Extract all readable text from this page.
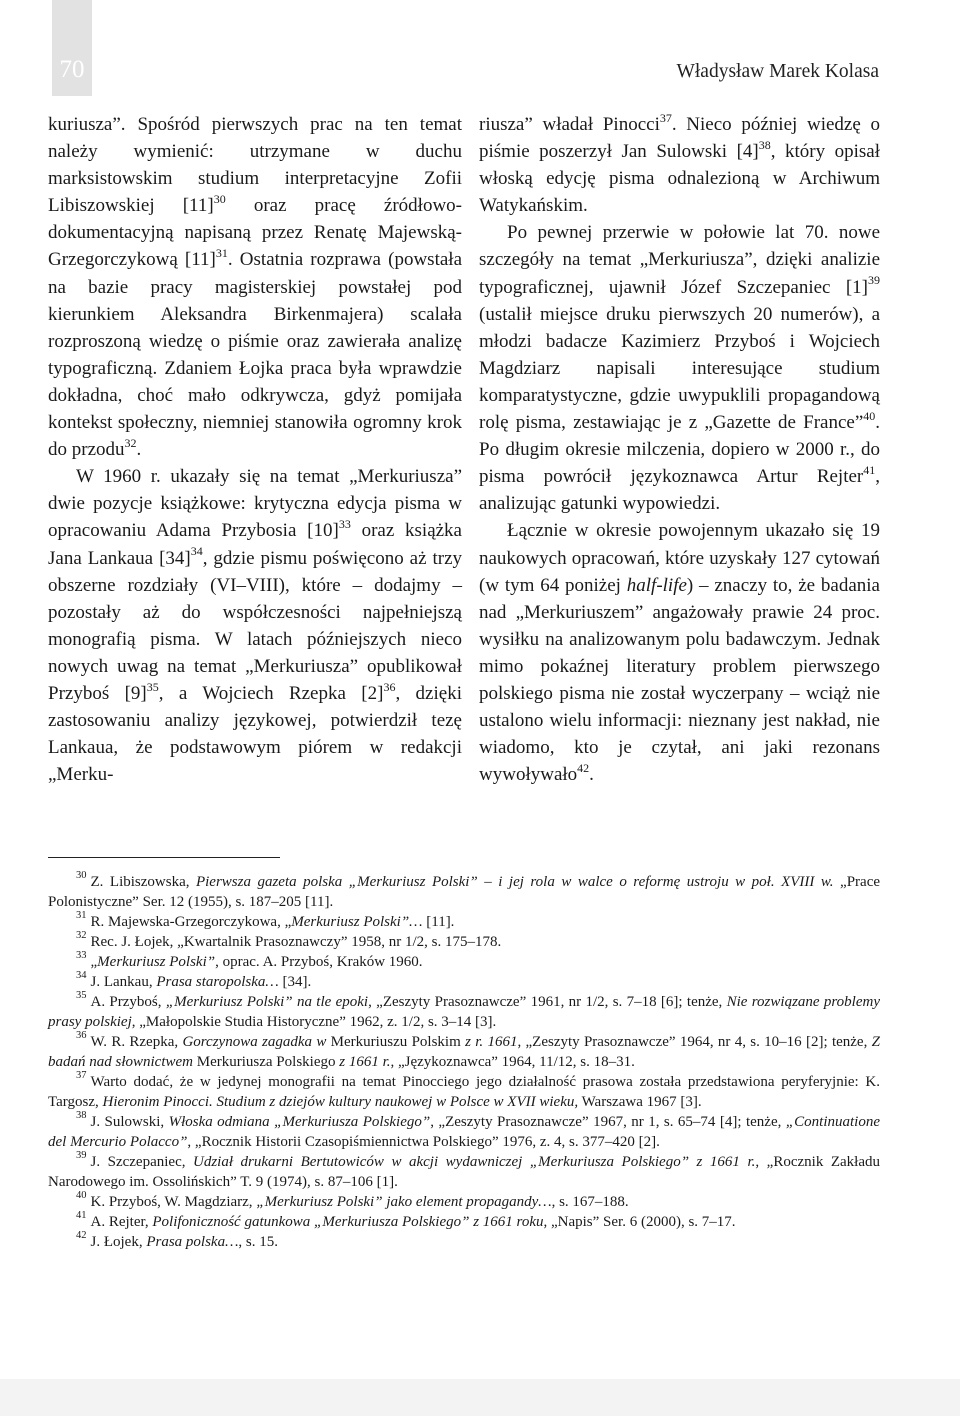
70	Władysław Marek Kolasa

kuriusza”. Spośród pierwszych prac na ten temat należy wymienić: utrzymane w duchu marksistowskim studium interpretacyjne Zofii Libiszowskiej $[11]^{30}$ oraz pracę źródłowo-dokumentacyjną napisaną przez Renatę Majewską-Grzegorczykową $[11]^{31}$. Ostatnia rozprawa (powstała na bazie pracy magisterskiej powstałej pod kierunkiem Aleksandra Birkenmajera) scalała rozproszoną wiedzę o piśmie oraz zawierała analizę typograficzną. Zdaniem Łojka praca była wprawdzie dokładna, choć mało odkrywcza, gdyż pomijała kontekst społeczny, niemniej stanowiła ogromny krok do przodu$^{32}$.

W 1960 r. ukazały się na temat „Merkuriusza” dwie pozycje książkowe: krytyczna edycja pisma w opracowaniu Adama Przybosia $[10]^{33}$ oraz książka Jana Lankaua $[34]^{34}$, gdzie pismu poświęcono aż trzy obszerne rozdziały (VI–VIII), które – dodajmy – pozostały aż do współczesności najpełniejszą monografią pisma. W latach późniejszych nieco nowych uwag na temat „Merkuriusza” opublikował Przyboś $[9]^{35}$, a Wojciech Rzepka $[2]^{36}$, dzięki zastosowaniu analizy językowej, potwierdził tezę Lankaua, że podstawowym piórem w redakcji „Merku-

riusza” władał Pinocci$^{37}$. Nieco później wiedzę o piśmie poszerzył Jan Sulowski $[4]^{38}$, który opisał włoską edycję pisma odnalezioną w Archiwum Watykańskim.

Po pewnej przerwie w połowie lat 70. nowe szczegóły na temat „Merkuriusza”, dzięki analizie typograficznej, ujawnił Józef Szczepaniec $[1]^{39}$ (ustalił miejsce druku pierwszych 20 numerów), a młodzi badacze Kazimierz Przyboś i Wojciech Magdziarz napisali interesujące studium komparatystyczne, gdzie uwypuklili propagandową rolę pisma, zestawiając je z „Gazette de France”$^{40}$. Po długim okresie milczenia, dopiero w 2000 r., do pisma powrócił językoznawca Artur Rejter$^{41}$, analizując gatunki wypowiedzi.

Łącznie w okresie powojennym ukazało się 19 naukowych opracowań, które uzyskały 127 cytowań (w tym 64 poniżej half-life) – znaczy to, że badania nad „Merkuriuszem” angażowały prawie 24 proc. wysiłku na analizowanym polu badawczym. Jednak mimo pokaźnej literatury problem pierwszego polskiego pisma nie został wyczerpany – wciąż nie ustalono wielu informacji: nieznany jest nakład, nie wiadomo, kto je czytał, ani jaki rezonans wywoływało$^{42}$.

$^{30}$ Z. Libiszowska, Pierwsza gazeta polska „Merkuriusz Polski” – i jej rola w walce o reformę ustroju w poł. XVIII w. „Prace Polonistyczne” Ser. 12 (1955), s. 187–205 [11].

$^{31}$ R. Majewska-Grzegorczykowa, „Merkuriusz Polski”… [11].

$^{32}$ Rec. J. Łojek, „Kwartalnik Prasoznawczy” 1958, nr 1/2, s. 175–178.

$^{33}$ „Merkuriusz Polski”, oprac. A. Przyboś, Kraków 1960.

$^{34}$ J. Lankau, Prasa staropolska… [34].

$^{35}$ A. Przyboś, „Merkuriusz Polski” na tle epoki, „Zeszyty Prasoznawcze” 1961, nr 1/2, s. 7–18 [6]; tenże, Nie rozwiązane problemy prasy polskiej, „Małopolskie Studia Historyczne” 1962, z. 1/2, s. 3–14 [3].

$^{36}$ W. R. Rzepka, Gorczynowa zagadka w Merkuriuszu Polskim z r. 1661, „Zeszyty Prasoznawcze” 1964, nr 4, s. 10–16 [2]; tenże, Z badań nad słownictwem Merkuriusza Polskiego z 1661 r., „Językoznawca” 1964, 11/12, s. 18–31.

$^{37}$ Warto dodać, że w jedynej monografii na temat Pinocciego jego działalność prasowa została przedstawiona peryferyjnie: K. Targosz, Hieronim Pinocci. Studium z dziejów kultury naukowej w Polsce w XVII wieku, Warszawa 1967 [3].

$^{38}$ J. Sulowski, Włoska odmiana „Merkuriusza Polskiego”, „Zeszyty Prasoznawcze” 1967, nr 1, s. 65–74 [4]; tenże, „Continuatione del Mercurio Polacco”, „Rocznik Historii Czasopiśmiennictwa Polskiego” 1976, z. 4, s. 377–420 [2].

$^{39}$ J. Szczepaniec, Udział drukarni Bertutowiców w akcji wydawniczej „Merkuriusza Polskiego” z 1661 r., „Rocznik Zakładu Narodowego im. Ossolińskich” T. 9 (1974), s. 87–106 [1].

$^{40}$ K. Przyboś, W. Magdziarz, „Merkuriusz Polski” jako element propagandy…, s. 167–188.

$^{41}$ A. Rejter, Polifoniczność gatunkowa „Merkuriusza Polskiego” z 1661 roku, „Napis” Ser. 6 (2000), s. 7–17.

$^{42}$ J. Łojek, Prasa polska…, s. 15.
